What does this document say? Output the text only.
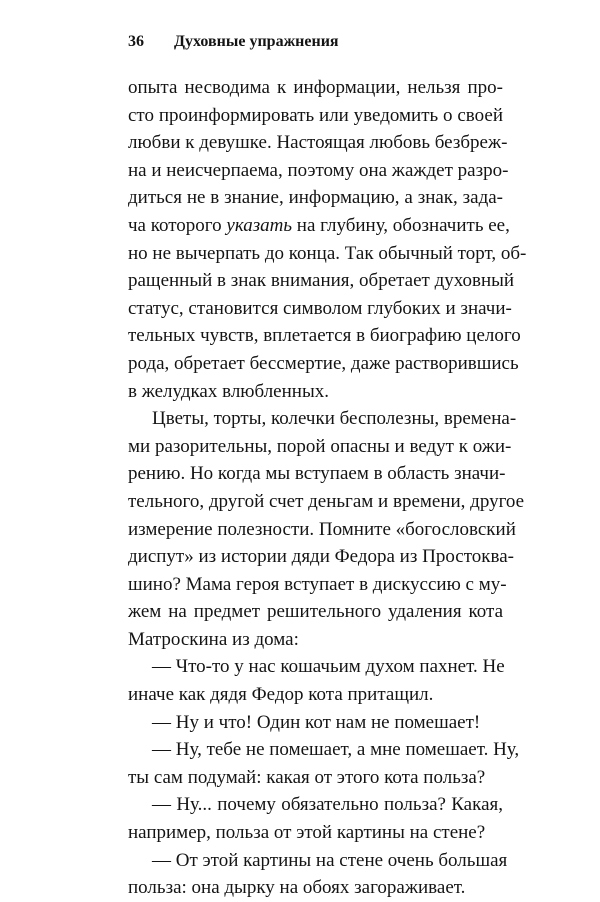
36 Духовные упражнения
опыта несводима к информации, нельзя про-
сто проинформировать или уведомить о своей
любви к девушке. Настоящая любовь безбреж-
на и неисчерпаема, поэтому она жаждет разро-
диться не в знание, информацию, а знак, зада-
ча которого указать на глубину, обозначить ее,
но не вычерпать до конца. Так обычный торт, об-
ращенный в знак внимания, обретает духовный
статус, становится символом глубоких и значи-
тельных чувств, вплетается в биографию целого
рода, обретает бессмертие, даже растворившись
в желудках влюбленных.
Цветы, торты, колечки бесполезны, времена-
ми разорительны, порой опасны и ведут к ожи-
рению. Но когда мы вступаем в область значи-
тельного, другой счет деньгам и времени, другое
измерение полезности. Помните «богословский
диспут» из истории дяди Федора из Простоква-
шино? Мама героя вступает в дискуссию с му-
жем на предмет решительного удаления кота
Матроскина из дома:
— Что-то у нас кошачьим духом пахнет. Не
иначе как дядя Федор кота притащил.
— Ну и что! Один кот нам не помешает!
— Ну, тебе не помешает, а мне помешает. Ну,
ты сам подумай: какая от этого кота польза?
— Ну... почему обязательно польза? Какая,
например, польза от этой картины на стене?
— От этой картины на стене очень большая
польза: она дырку на обоях загораживает.
